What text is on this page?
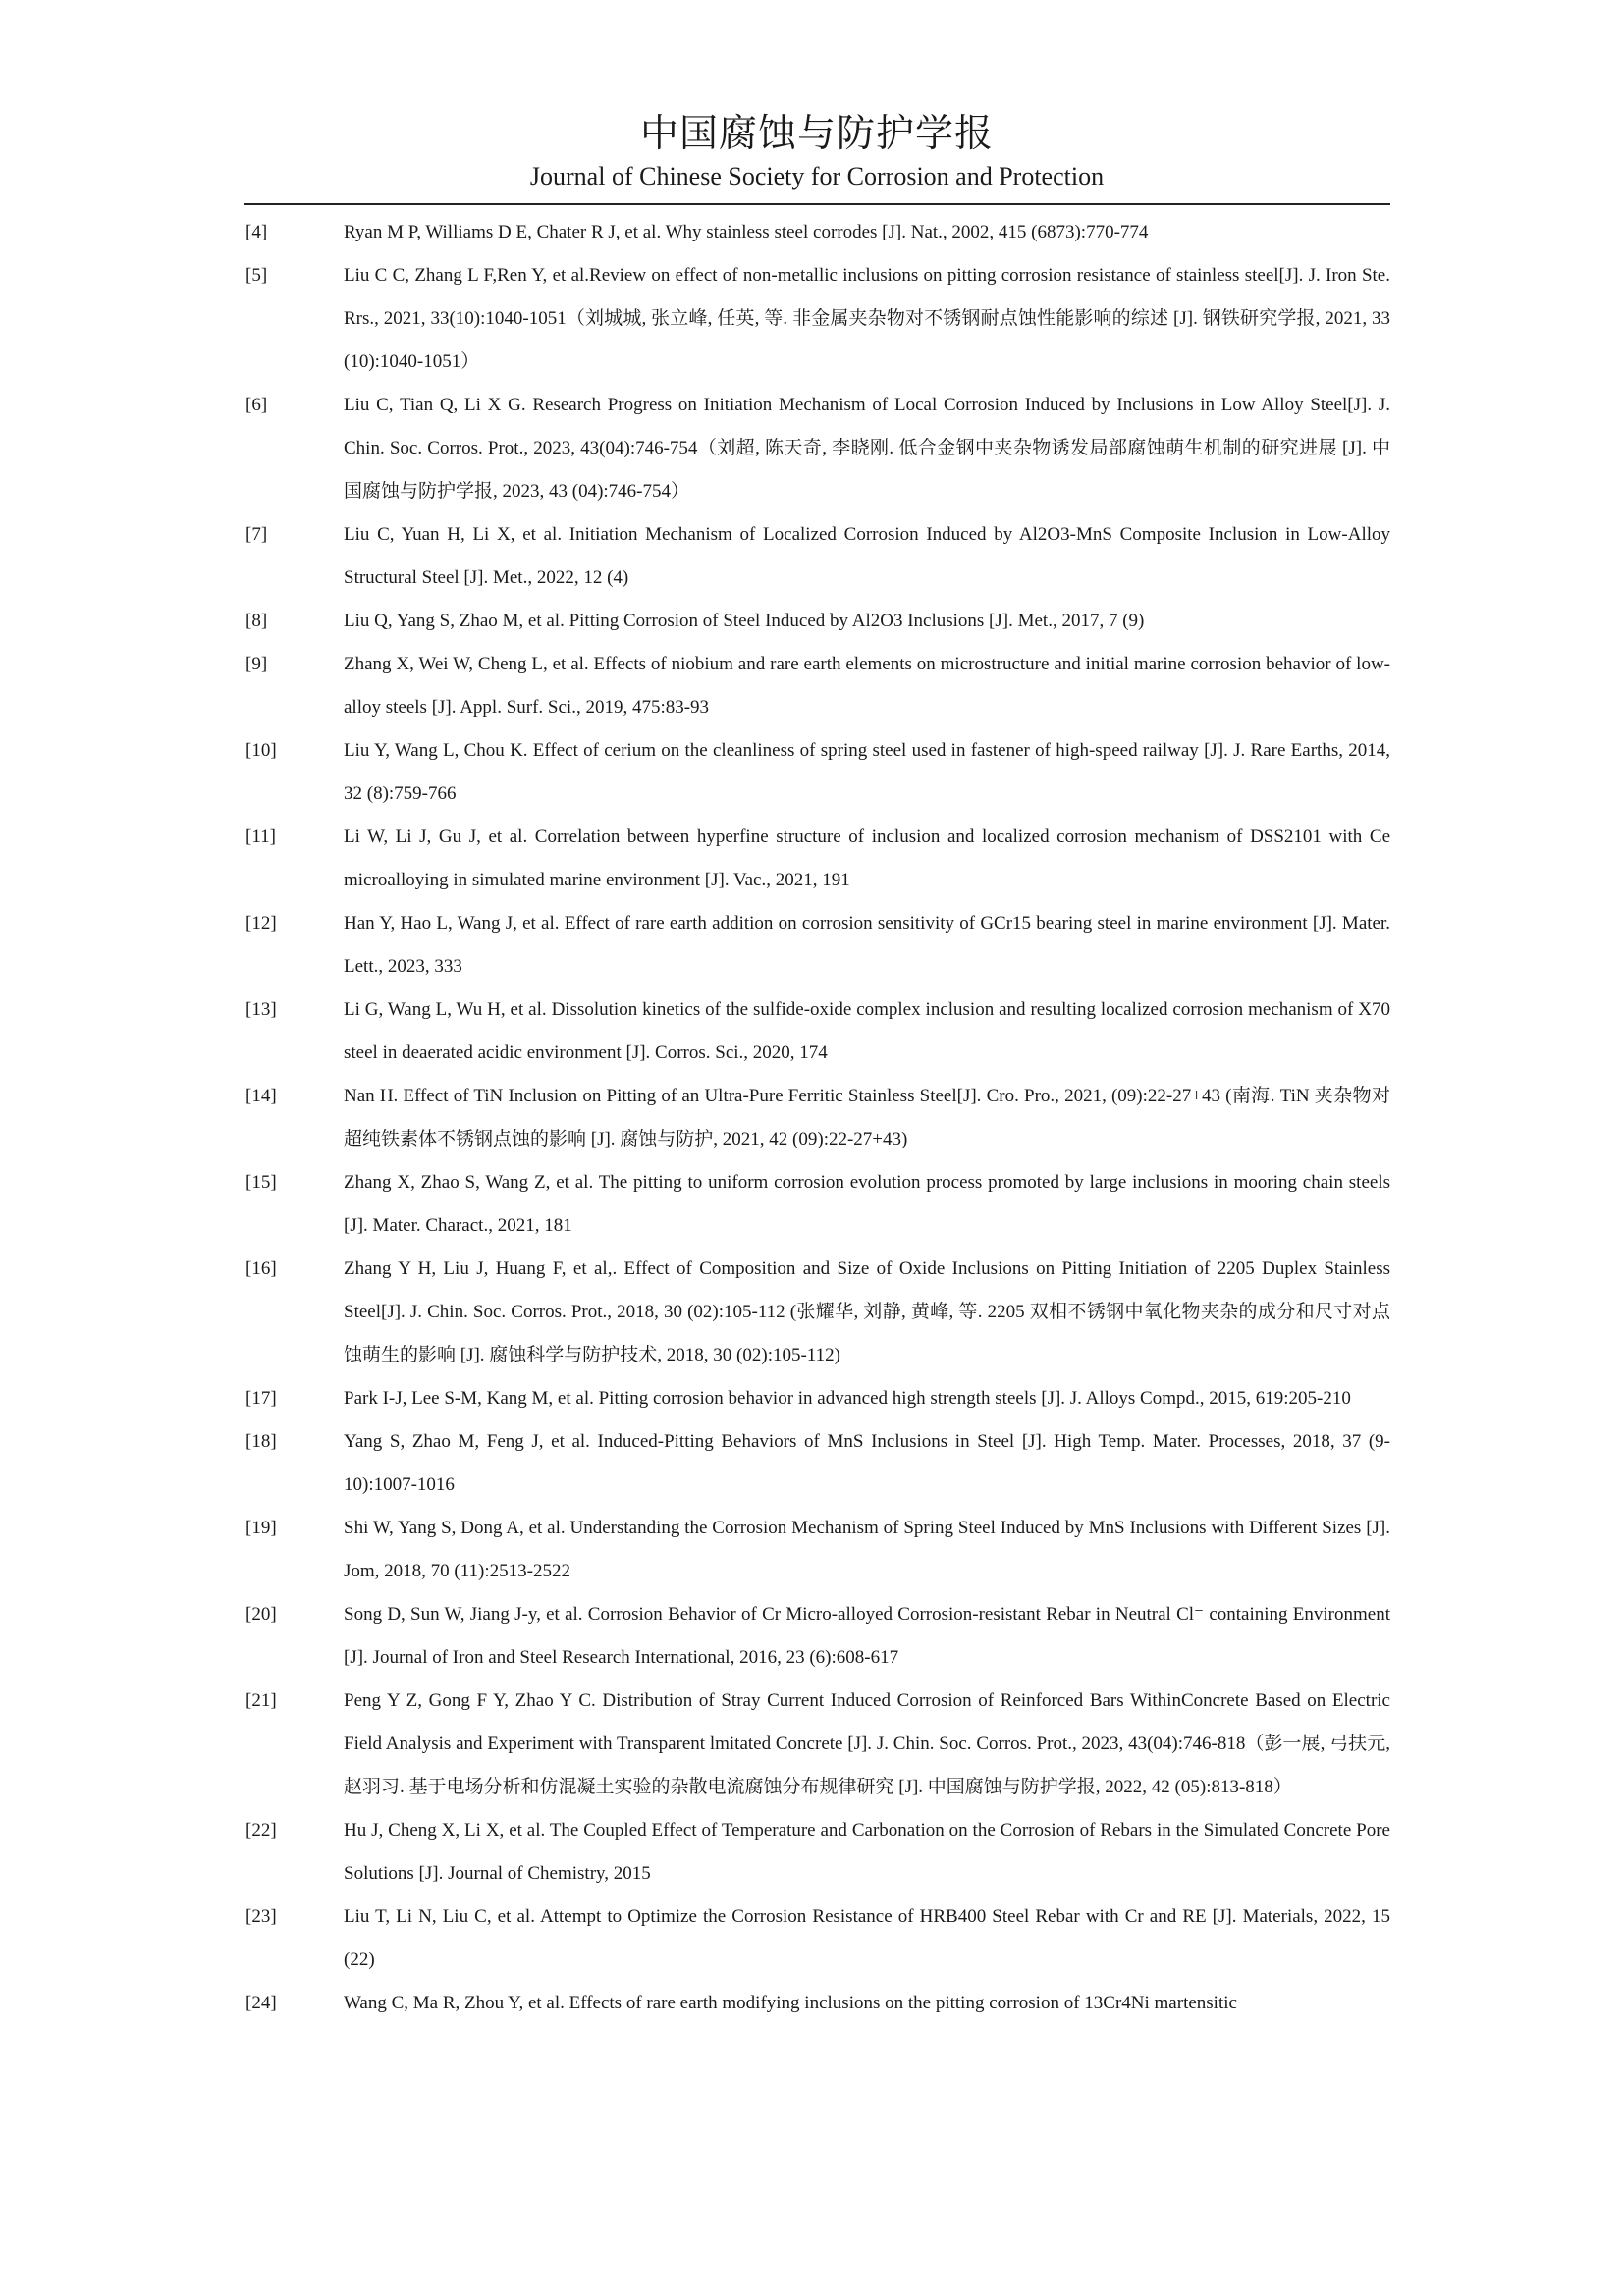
中国腐蚀与防护学报
Journal of Chinese Society for Corrosion and Protection
[4]	Ryan M P, Williams D E, Chater R J, et al. Why stainless steel corrodes [J]. Nat., 2002, 415 (6873):770-774
[5]	Liu C C, Zhang L F,Ren Y, et al.Review on effect of non-metallic inclusions on pitting corrosion resistance of stainless steel[J]. J. Iron Ste. Rrs., 2021, 33(10):1040-1051（刘城城, 张立峰, 任英, 等. 非金属夹杂物对不锈钢耐点蚀性能影响的综述 [J]. 钢铁研究学报, 2021, 33 (10):1040-1051）
[6]	Liu C, Tian Q, Li X G. Research Progress on Initiation Mechanism of Local Corrosion Induced by Inclusions in Low Alloy Steel[J]. J. Chin. Soc. Corros. Prot., 2023, 43(04):746-754（刘超, 陈天奇, 李晓刚. 低合金钢中夹杂物诱发局部腐蚀萌生机制的研究进展 [J]. 中国腐蚀与防护学报, 2023, 43 (04):746-754）
[7]	Liu C, Yuan H, Li X, et al. Initiation Mechanism of Localized Corrosion Induced by Al2O3-MnS Composite Inclusion in Low-Alloy Structural Steel [J]. Met., 2022, 12 (4)
[8]	Liu Q, Yang S, Zhao M, et al. Pitting Corrosion of Steel Induced by Al2O3 Inclusions [J]. Met., 2017, 7 (9)
[9]	Zhang X, Wei W, Cheng L, et al. Effects of niobium and rare earth elements on microstructure and initial marine corrosion behavior of low-alloy steels [J]. Appl. Surf. Sci., 2019, 475:83-93
[10]	Liu Y, Wang L, Chou K. Effect of cerium on the cleanliness of spring steel used in fastener of high-speed railway [J]. J. Rare Earths, 2014, 32 (8):759-766
[11]	Li W, Li J, Gu J, et al. Correlation between hyperfine structure of inclusion and localized corrosion mechanism of DSS2101 with Ce microalloying in simulated marine environment [J]. Vac., 2021, 191
[12]	Han Y, Hao L, Wang J, et al. Effect of rare earth addition on corrosion sensitivity of GCr15 bearing steel in marine environment [J]. Mater. Lett., 2023, 333
[13]	Li G, Wang L, Wu H, et al. Dissolution kinetics of the sulfide-oxide complex inclusion and resulting localized corrosion mechanism of X70 steel in deaerated acidic environment [J]. Corros. Sci., 2020, 174
[14]	Nan H. Effect of TiN Inclusion on Pitting of an Ultra-Pure Ferritic Stainless Steel[J]. Cro. Pro., 2021, (09):22-27+43 (南海. TiN 夹杂物对超纯铁素体不锈钢点蚀的影响 [J]. 腐蚀与防护, 2021, 42 (09):22-27+43)
[15]	Zhang X, Zhao S, Wang Z, et al. The pitting to uniform corrosion evolution process promoted by large inclusions in mooring chain steels [J]. Mater. Charact., 2021, 181
[16]	Zhang Y H, Liu J, Huang F, et al,. Effect of Composition and Size of Oxide Inclusions on Pitting Initiation of 2205 Duplex Stainless Steel[J]. J. Chin. Soc. Corros. Prot., 2018, 30 (02):105-112 (张耀华, 刘静, 黄峰, 等. 2205 双相不锈钢中氧化物夹杂的成分和尺寸对点蚀萌生的影响 [J]. 腐蚀科学与防护技术, 2018, 30 (02):105-112)
[17]	Park I-J, Lee S-M, Kang M, et al. Pitting corrosion behavior in advanced high strength steels [J]. J. Alloys Compd., 2015, 619:205-210
[18]	Yang S, Zhao M, Feng J, et al. Induced-Pitting Behaviors of MnS Inclusions in Steel [J]. High Temp. Mater. Processes, 2018, 37 (9-10):1007-1016
[19]	Shi W, Yang S, Dong A, et al. Understanding the Corrosion Mechanism of Spring Steel Induced by MnS Inclusions with Different Sizes [J]. Jom, 2018, 70 (11):2513-2522
[20]	Song D, Sun W, Jiang J-y, et al. Corrosion Behavior of Cr Micro-alloyed Corrosion-resistant Rebar in Neutral Cl⁻ containing Environment [J]. Journal of Iron and Steel Research International, 2016, 23 (6):608-617
[21]	Peng Y Z, Gong F Y, Zhao Y C. Distribution of Stray Current Induced Corrosion of Reinforced Bars WithinConcrete Based on Electric Field Analysis and Experiment with Transparent lmitated Concrete [J]. J. Chin. Soc. Corros. Prot., 2023, 43(04):746-818（彭一展, 弓扶元, 赵羽习. 基于电场分析和仿混凝土实验的杂散电流腐蚀分布规律研究 [J]. 中国腐蚀与防护学报, 2022, 42 (05):813-818）
[22]	Hu J, Cheng X, Li X, et al. The Coupled Effect of Temperature and Carbonation on the Corrosion of Rebars in the Simulated Concrete Pore Solutions [J]. Journal of Chemistry, 2015
[23]	Liu T, Li N, Liu C, et al. Attempt to Optimize the Corrosion Resistance of HRB400 Steel Rebar with Cr and RE [J]. Materials, 2022, 15 (22)
[24]	Wang C, Ma R, Zhou Y, et al. Effects of rare earth modifying inclusions on the pitting corrosion of 13Cr4Ni martensitic
